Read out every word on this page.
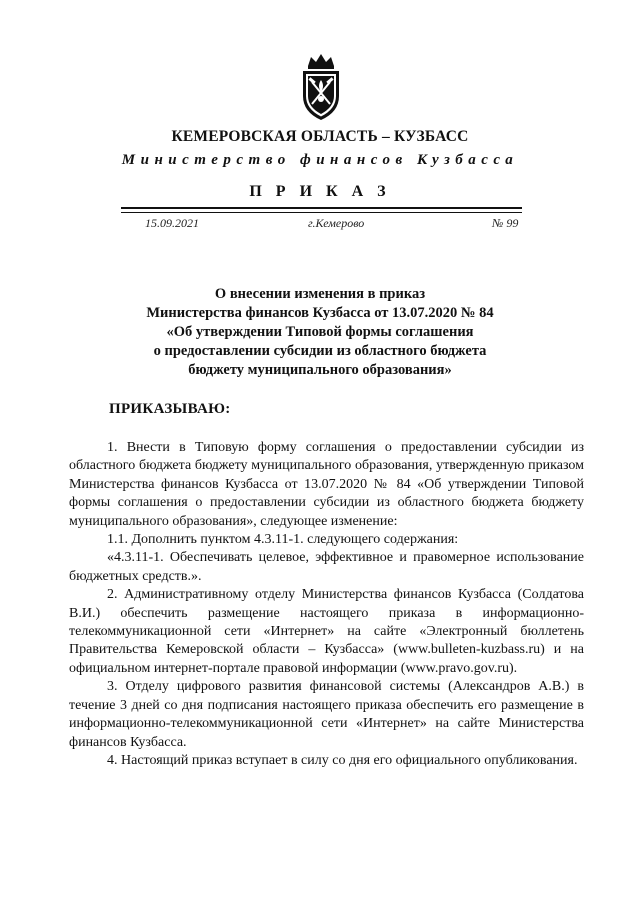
КЕМЕРОВСКАЯ ОБЛАСТЬ – КУЗБАСС
Министерство финансов Кузбасса
П Р И К А З
15.09.2021	г.Кемерово	№ 99
О внесении изменения в приказ
Министерства финансов Кузбасса от 13.07.2020 № 84
«Об утверждении Типовой формы соглашения
о предоставлении субсидии из областного бюджета
бюджету муниципального образования»
ПРИКАЗЫВАЮ:

1. Внести в Типовую форму соглашения о предоставлении субсидии из областного бюджета бюджету муниципального образования, утвержденную приказом Министерства финансов Кузбасса от 13.07.2020 № 84 «Об утверждении Типовой формы соглашения о предоставлении субсидии из областного бюджета бюджету муниципального образования», следующее изменение:

1.1. Дополнить пунктом 4.3.11-1. следующего содержания:

«4.3.11-1. Обеспечивать целевое, эффективное и правомерное использование бюджетных средств.».

2. Административному отделу Министерства финансов Кузбасса (Солдатова В.И.) обеспечить размещение настоящего приказа в информационно-телекоммуникационной сети «Интернет» на сайте «Электронный бюллетень Правительства Кемеровской области – Кузбасса» (www.bulleten-kuzbass.ru) и на официальном интернет-портале правовой информации (www.pravo.gov.ru).

3. Отделу цифрового развития финансовой системы (Александров А.В.) в течение 3 дней со дня подписания настоящего приказа обеспечить его размещение в информационно-телекоммуникационной сети «Интернет» на сайте Министерства финансов Кузбасса.

4. Настоящий приказ вступает в силу со дня его официального опубликования.
